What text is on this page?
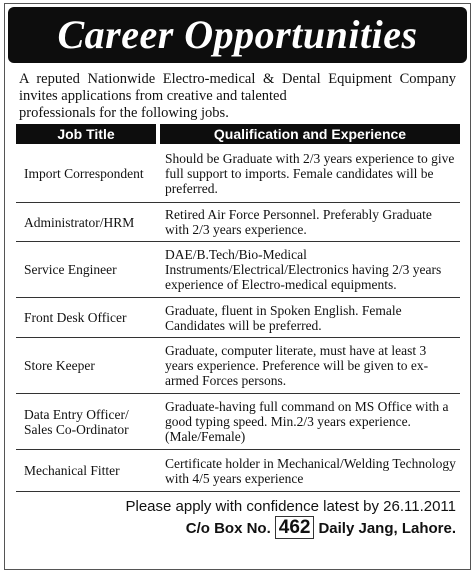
Career Opportunities
A reputed Nationwide Electro-medical & Dental Equipment Company invites applications from creative and talented
professionals for the following jobs.
Job Title	Qualification and Experience
Import Correspondent	Should be Graduate with 2/3 years experience to give full support to imports. Female candidates will be preferred.
Administrator/HRM	Retired Air Force Personnel. Preferably Graduate with 2/3 years experience.
Service Engineer	DAE/B.Tech/Bio-Medical Instruments/Electrical/Electronics having 2/3 years experience of Electro-medical equipments.
Front Desk Officer	Graduate, fluent in Spoken English. Female Candidates will be preferred.
Store Keeper	Graduate, computer literate, must have at least 3 years experience. Preference will be given to ex-armed Forces persons.
Data Entry Officer/ Sales Co-Ordinator	Graduate-having full command on MS Office with a good typing speed. Min.2/3 years experience.(Male/Female)
Mechanical Fitter	Certificate holder in Mechanical/Welding Technology with 4/5 years experience
Please apply with confidence latest by 26.11.2011
C/o Box No. 462 Daily Jang, Lahore.
